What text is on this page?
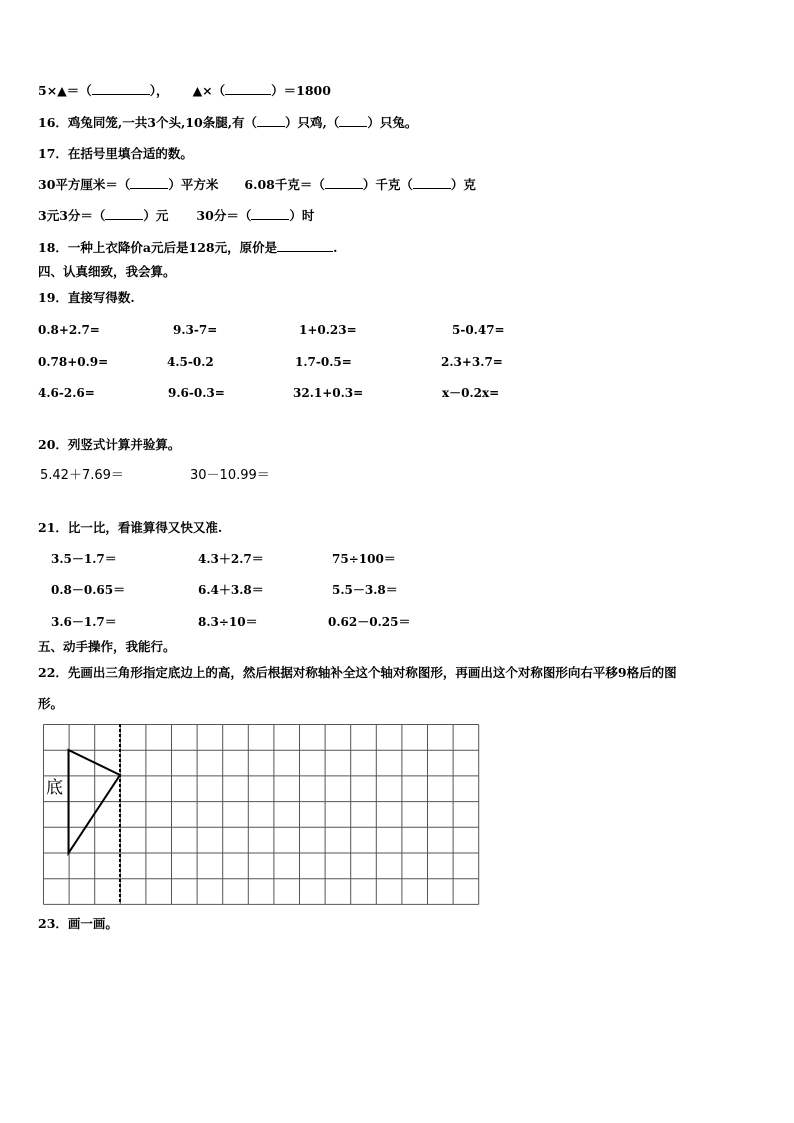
5×▲＝（	）， ▲×（	）＝1800
16．鸡兔同笼,一共3个头,10条腿,有（ ）只鸡,（ ）只兔。
17．在括号里填合适的数。
30平方厘米＝（	）平方米 6.08千克＝（	）千克（	）克
3元3分＝（	）元 30分＝（	）时
18．一种上衣降价a元后是128元，原价是	.
四、认真细致，我会算。
19．直接写得数.
0.8+2.7=	9.3-7=	1+0.23=	5-0.47=
0.78+0.9=	4.5-0.2	1.7-0.5=	2.3+3.7=
4.6-2.6=	9.6-0.3=	32.1+0.3=	x－0.2x=
20．列竖式计算并验算。
5.42＋7.69＝	30－10.99＝
21．比一比，看谁算得又快又准.
3.5－1.7＝	4.3＋2.7＝	75÷100＝
0.8－0.65＝	6.4＋3.8＝	5.5－3.8＝
3.6－1.7＝	8.3÷10＝	0.62－0.25＝
五、动手操作，我能行。
22．先画出三角形指定底边上的高，然后根据对称轴补全这个轴对称图形，再画出这个对称图形向右平移9格后的图
形。
底
23．画一画。
